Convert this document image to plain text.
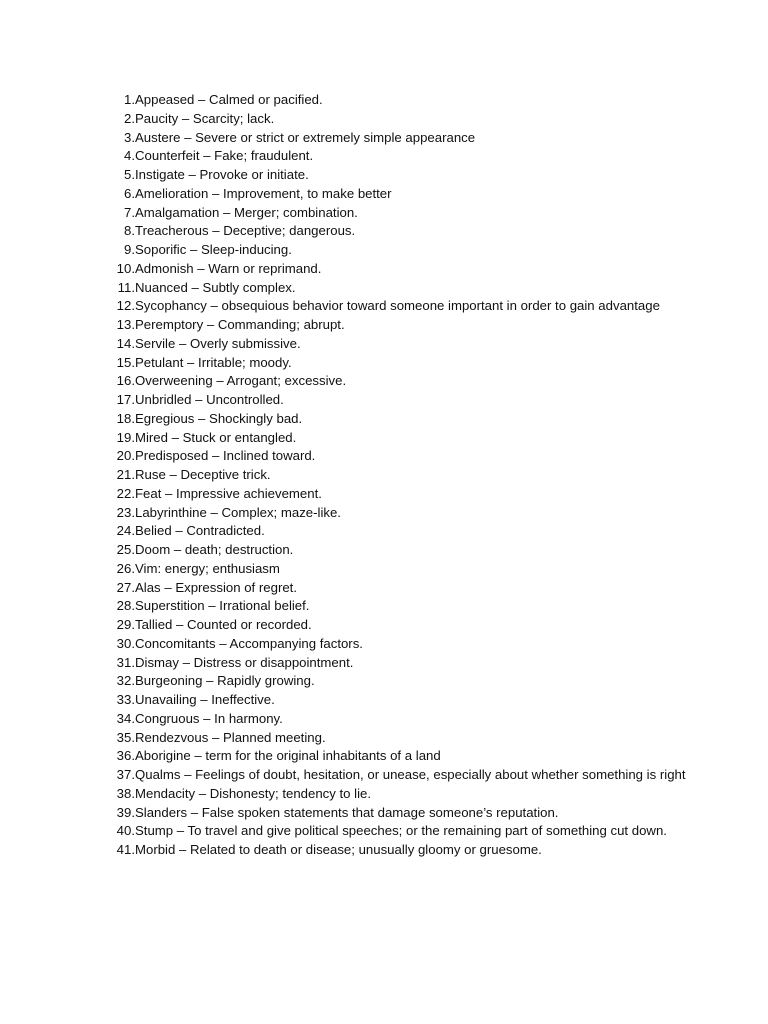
1. Appeased – Calmed or pacified.
2. Paucity – Scarcity; lack.
3. Austere – Severe or strict or extremely simple appearance
4. Counterfeit – Fake; fraudulent.
5. Instigate – Provoke or initiate.
6. Amelioration – Improvement, to make better
7. Amalgamation – Merger; combination.
8. Treacherous – Deceptive; dangerous.
9. Soporific – Sleep-inducing.
10. Admonish – Warn or reprimand.
11. Nuanced – Subtly complex.
12. Sycophancy – obsequious behavior toward someone important in order to gain advantage
13. Peremptory – Commanding; abrupt.
14. Servile – Overly submissive.
15. Petulant – Irritable; moody.
16. Overweening – Arrogant; excessive.
17. Unbridled – Uncontrolled.
18. Egregious – Shockingly bad.
19. Mired – Stuck or entangled.
20. Predisposed – Inclined toward.
21. Ruse – Deceptive trick.
22. Feat – Impressive achievement.
23. Labyrinthine – Complex; maze-like.
24. Belied – Contradicted.
25. Doom – death; destruction.
26. Vim: energy; enthusiasm
27. Alas – Expression of regret.
28. Superstition – Irrational belief.
29. Tallied – Counted or recorded.
30. Concomitants – Accompanying factors.
31. Dismay – Distress or disappointment.
32. Burgeoning – Rapidly growing.
33. Unavailing – Ineffective.
34. Congruous – In harmony.
35. Rendezvous – Planned meeting.
36. Aborigine – term for the original inhabitants of a land
37. Qualms – Feelings of doubt, hesitation, or unease, especially about whether something is right
38. Mendacity – Dishonesty; tendency to lie.
39. Slanders – False spoken statements that damage someone’s reputation.
40. Stump – To travel and give political speeches; or the remaining part of something cut down.
41. Morbid – Related to death or disease; unusually gloomy or gruesome.
